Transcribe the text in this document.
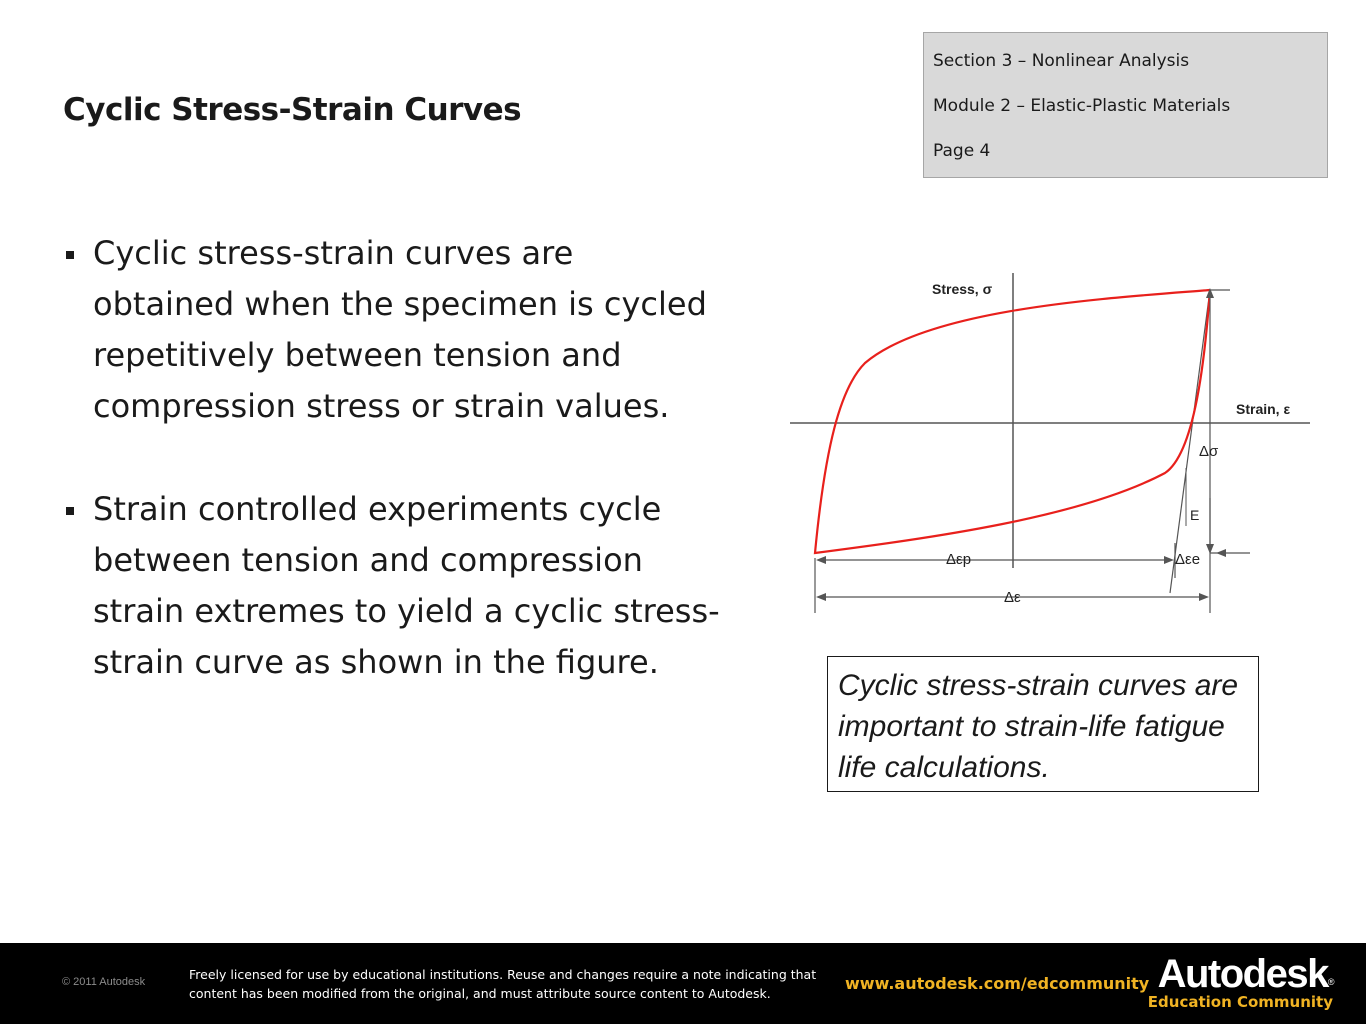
Cyclic Stress-Strain Curves
Section 3 – Nonlinear Analysis
Module 2 – Elastic-Plastic Materials
Page 4
Cyclic stress-strain curves are obtained when the specimen is cycled repetitively between tension and compression stress or strain values.
Strain controlled experiments cycle between tension and compression strain extremes to yield a cyclic stress-strain curve as shown in the figure.
Stress, σ
Strain, ε
Δσ
E
Δεp	Δεe
Δε
Cyclic stress-strain curves are important to strain-life fatigue life calculations.
© 2011 Autodesk	Freely licensed for use by educational institutions. Reuse and changes require a note indicating that content has been modified from the original, and must attribute source content to Autodesk.
www.autodesk.com/edcommunity Autodesk®
Education Community
